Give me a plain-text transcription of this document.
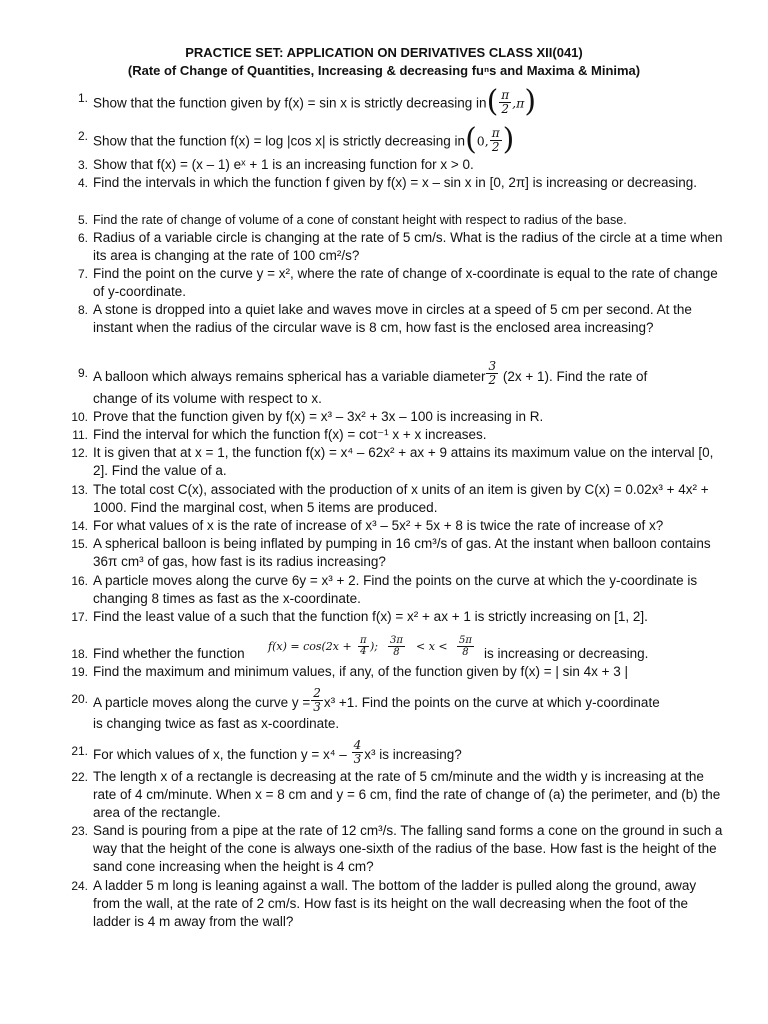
PRACTICE SET: APPLICATION ON DERIVATIVES CLASS XII(041)
(Rate of Change of Quantities, Increasing & decreasing fuⁿs and Maxima & Minima)
1. Show that the function given by f(x) = sin x is strictly decreasing $in( \frac{\pi}{2} ,\pi)$
2. Show that the function f(x) = log |cos x| is strictly decreasing in(0, $\frac{\pi}{2}$ )
3. Show that f(x) = (x – 1) eˣ + 1 is an increasing function for x > 0.
4. Find the intervals in which the function f given by f(x) = x – sin x in [0, 2π] is increasing or decreasing.
5. Find the rate of change of volume of a cone of constant height with respect to radius of the base.
6. Radius of a variable circle is changing at the rate of 5 cm/s. What is the radius of the circle at a time when its area is changing at the rate of 100 cm²/s?
7. Find the point on the curve y = x², where the rate of change of x-coordinate is equal to the rate of change of y-coordinate.
8. A stone is dropped into a quiet lake and waves move in circles at a speed of 5 cm per second. At the instant when the radius of the circular wave is 8 cm, how fast is the enclosed area increasing?
9. A balloon which always remains spherical has a variable diameter $\frac{3}{2} (2x + 1)$. Find the rate of
change of its volume with respect to x.
10. Prove that the function given by f(x) = x³ – 3x² + 3x – 100 is increasing in R.
11. Find the interval for which the function f(x) = cot⁻¹ x + x increases.
12. It is given that at x = 1, the function f(x) = x⁴ – 62x² + ax + 9 attains its maximum value on the interval [0, 2]. Find the value of a.
13. The total cost C(x), associated with the production of x units of an item is given by C(x) = 0.02x³ + 4x² + 1000. Find the marginal cost, when 5 items are produced.
14. For what values of x is the rate of increase of x³ – 5x² + 5x + 8 is twice the rate of increase of x?
15. A spherical balloon is being inflated by pumping in 16 cm³/s of gas. At the instant when balloon contains 36π cm³ of gas, how fast is its radius increasing?
16. A particle moves along the curve 6y = x³ + 2. Find the points on the curve at which the y-coordinate is changing 8 times as fast as the x-coordinate.
17. Find the least value of a such that the function f(x) = x² + ax + 1 is strictly increasing on [1, 2].
18. Find whether the function	$f(x) = \cos(2x + \frac{\pi}{4}$ ); $\frac{3\pi}{8} < x < \frac{5\pi}{8}$ is increasing or decreasing.
19. Find the maximum and minimum values, if any, of the function given by f(x) = | sin 4x + 3 |
20. A particle moves along the curve $y = \frac{2}{3} x^3 +1$. Find the points on the curve at which y-coordinate
is changing twice as fast as x-coordinate.
21. For which values of x, the function $y = x^4 - \frac{4}{3} x^3$ is increasing?
22. The length x of a rectangle is decreasing at the rate of 5 cm/minute and the width y is increasing at the rate of 4 cm/minute. When x = 8 cm and y = 6 cm, find the rate of change of (a) the perimeter, and (b) the area of the rectangle.
23. Sand is pouring from a pipe at the rate of 12 cm³/s. The falling sand forms a cone on the ground in such a way that the height of the cone is always one-sixth of the radius of the base. How fast is the height of the sand cone increasing when the height is 4 cm?
24. A ladder 5 m long is leaning against a wall. The bottom of the ladder is pulled along the ground, away from the wall, at the rate of 2 cm/s. How fast is its height on the wall decreasing when the foot of the ladder is 4 m away from the wall?
